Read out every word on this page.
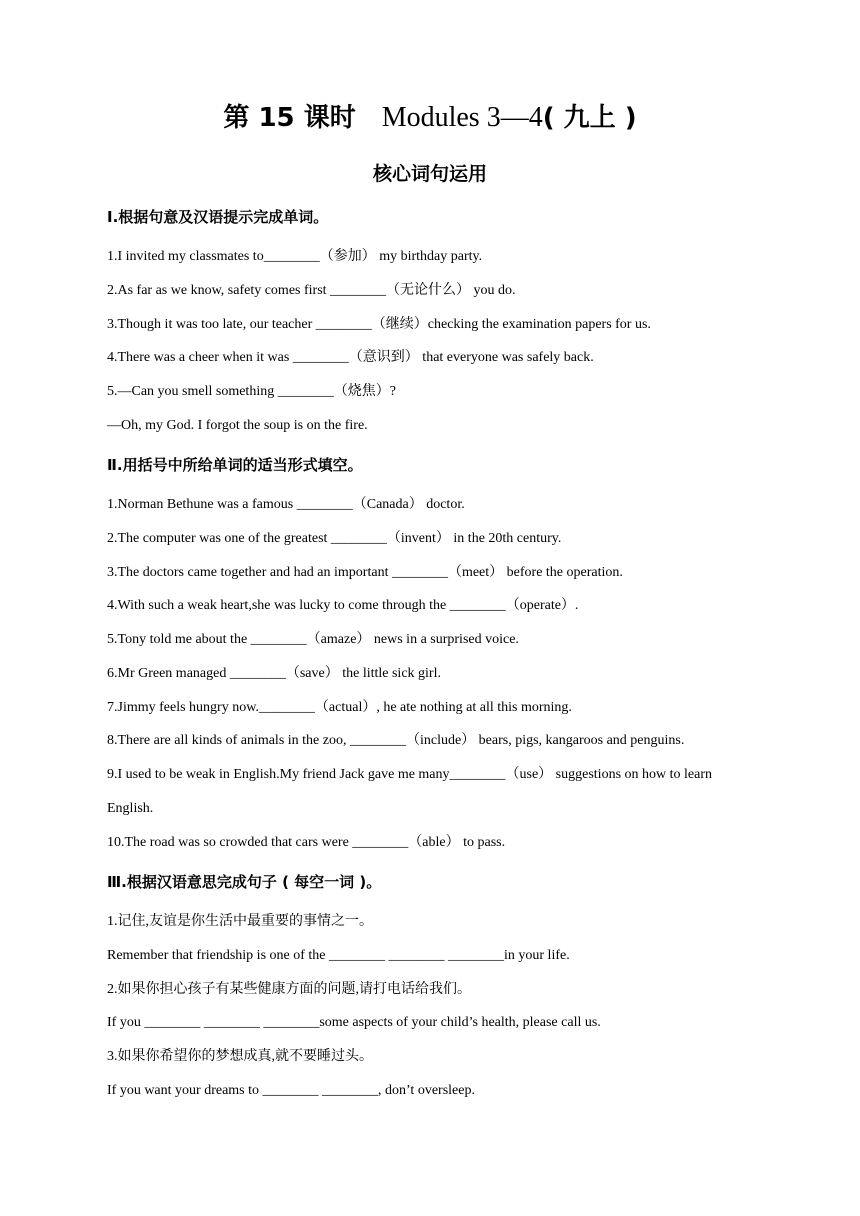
第 15 课时 Modules 3—4( 九上 )
核心词句运用
Ⅰ.根据句意及汉语提示完成单词。
1.I invited my classmates to________（参加） my birthday party.
2.As far as we know, safety comes first ________（无论什么） you do.
3.Though it was too late, our teacher ________（继续）checking the examination papers for us.
4.There was a cheer when it was ________（意识到） that everyone was safely back.
5.—Can you smell something ________（烧焦）?
—Oh, my God. I forgot the soup is on the fire.
Ⅱ.用括号中所给单词的适当形式填空。
1.Norman Bethune was a famous ________（Canada） doctor.
2.The computer was one of the greatest ________（invent） in the 20th century.
3.The doctors came together and had an important ________（meet） before the operation.
4.With such a weak heart,she was lucky to come through the ________（operate）.
5.Tony told me about the ________（amaze） news in a surprised voice.
6.Mr Green managed ________（save） the little sick girl.
7.Jimmy feels hungry now.________（actual）, he ate nothing at all this morning.
8.There are all kinds of animals in the zoo, ________（include） bears, pigs, kangaroos and penguins.
9.I used to be weak in English.My friend Jack gave me many________（use） suggestions on how to learn
English.
10.The road was so crowded that cars were ________（able） to pass.
Ⅲ.根据汉语意思完成句子 ( 每空一词 )。
1.记住,友谊是你生活中最重要的事情之一。
Remember that friendship is one of the ________ ________ ________in your life.
2.如果你担心孩子有某些健康方面的问题,请打电话给我们。
If you ________ ________ ________some aspects of your child’s health, please call us.
3.如果你希望你的梦想成真,就不要睡过头。
If you want your dreams to ________ ________, don’t oversleep.
